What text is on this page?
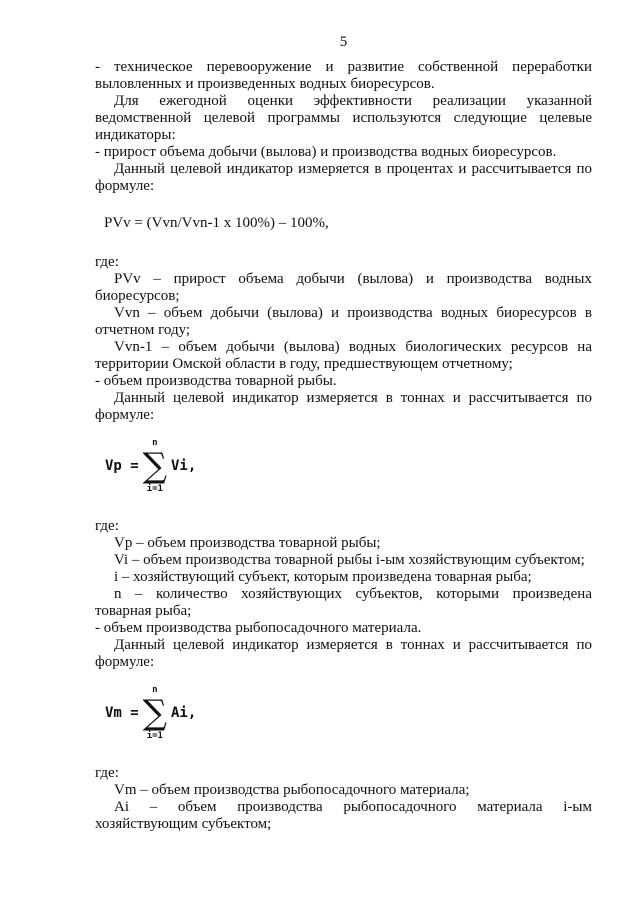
5

- техническое перевооружение и развитие собственной переработки выловленных и произведенных водных биоресурсов.

Для ежегодной оценки эффективности реализации указанной ведомственной целевой программы используются следующие целевые индикаторы:

- прирост объема добычи (вылова) и производства водных биоресурсов.

Данный целевой индикатор измеряется в процентах и рассчитывается по формуле:

PVv = (Vvn/Vvn-1 x 100%) – 100%,

где:

PVv – прирост объема добычи (вылова) и производства водных биоресурсов;

Vvn – объем добычи (вылова) и производства водных биоресурсов в отчетном году;

Vvn-1 – объем добычи (вылова) водных биологических ресурсов на территории Омской области в году, предшествующем отчетному;

- объем производства товарной рыбы.

Данный целевой индикатор измеряется в тоннах и рассчитывается по формуле:

Vp =
n
∑
i=1
Vi,

где:

Vp – объем производства товарной рыбы;

Vi – объем производства товарной рыбы i-ым хозяйствующим субъектом;

i – хозяйствующий субъект, которым произведена товарная рыба;

n – количество хозяйствующих субъектов, которыми произведена товарная рыба;

- объем производства рыбопосадочного материала.

Данный целевой индикатор измеряется в тоннах и рассчитывается по формуле:

Vm =
n
∑
i=1
Ai,

где:

Vm – объем производства рыбопосадочного материала;

Ai – объем производства рыбопосадочного материала i-ым хозяйствующим субъектом;
